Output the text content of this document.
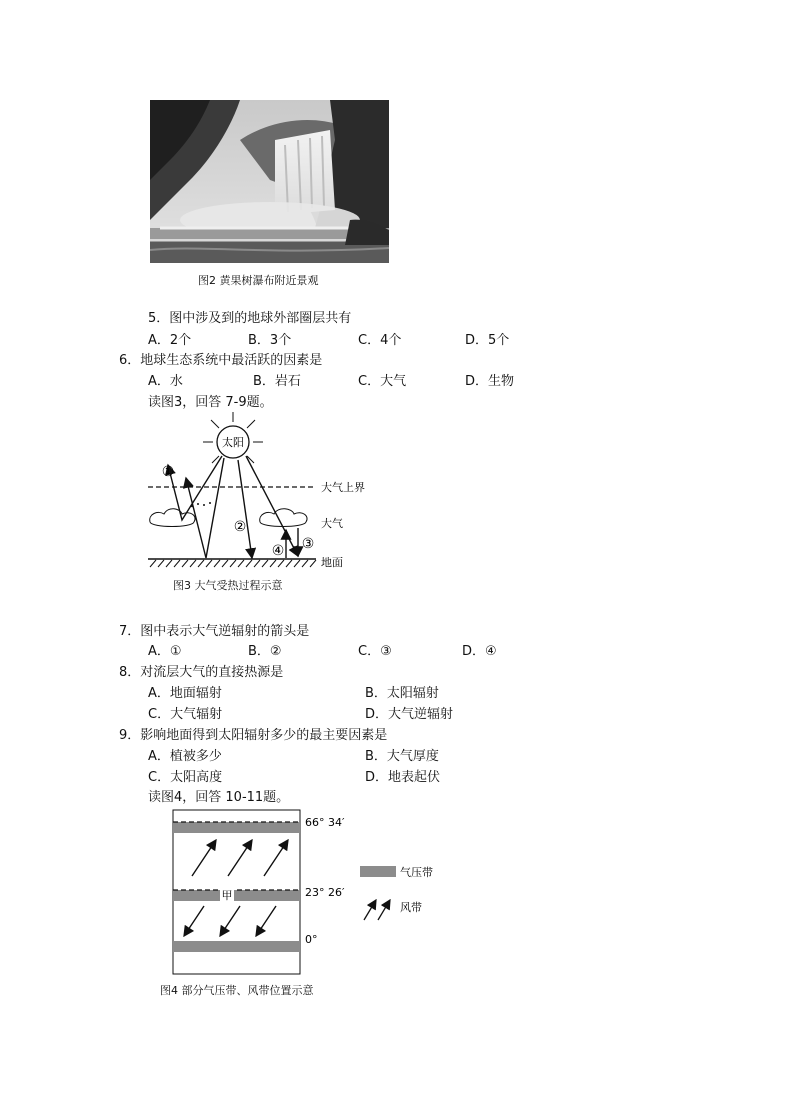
图2 黄果树瀑布附近景观
5．图中涉及到的地球外部圈层共有
A．2个	B．3个	C．4个	D．5个
6．地球生态系统中最活跃的因素是
A．水	B．岩石	C．大气	D．生物
读图3，回答 7-9题。
太阳
①
②
④ ③
大气上界
大气
地面
图3 大气受热过程示意
7．图中表示大气逆辐射的箭头是
A．①	B．②	C．③	D．④
8．对流层大气的直接热源是
A．地面辐射	B．太阳辐射
C．大气辐射	D．大气逆辐射
9．影响地面得到太阳辐射多少的最主要因素是
A．植被多少	B．大气厚度
C．太阳高度	D．地表起伏
读图4，回答 10-11题。
甲
66° 34′
23° 26′
0°
气压带
风带
图4 部分气压带、风带位置示意
